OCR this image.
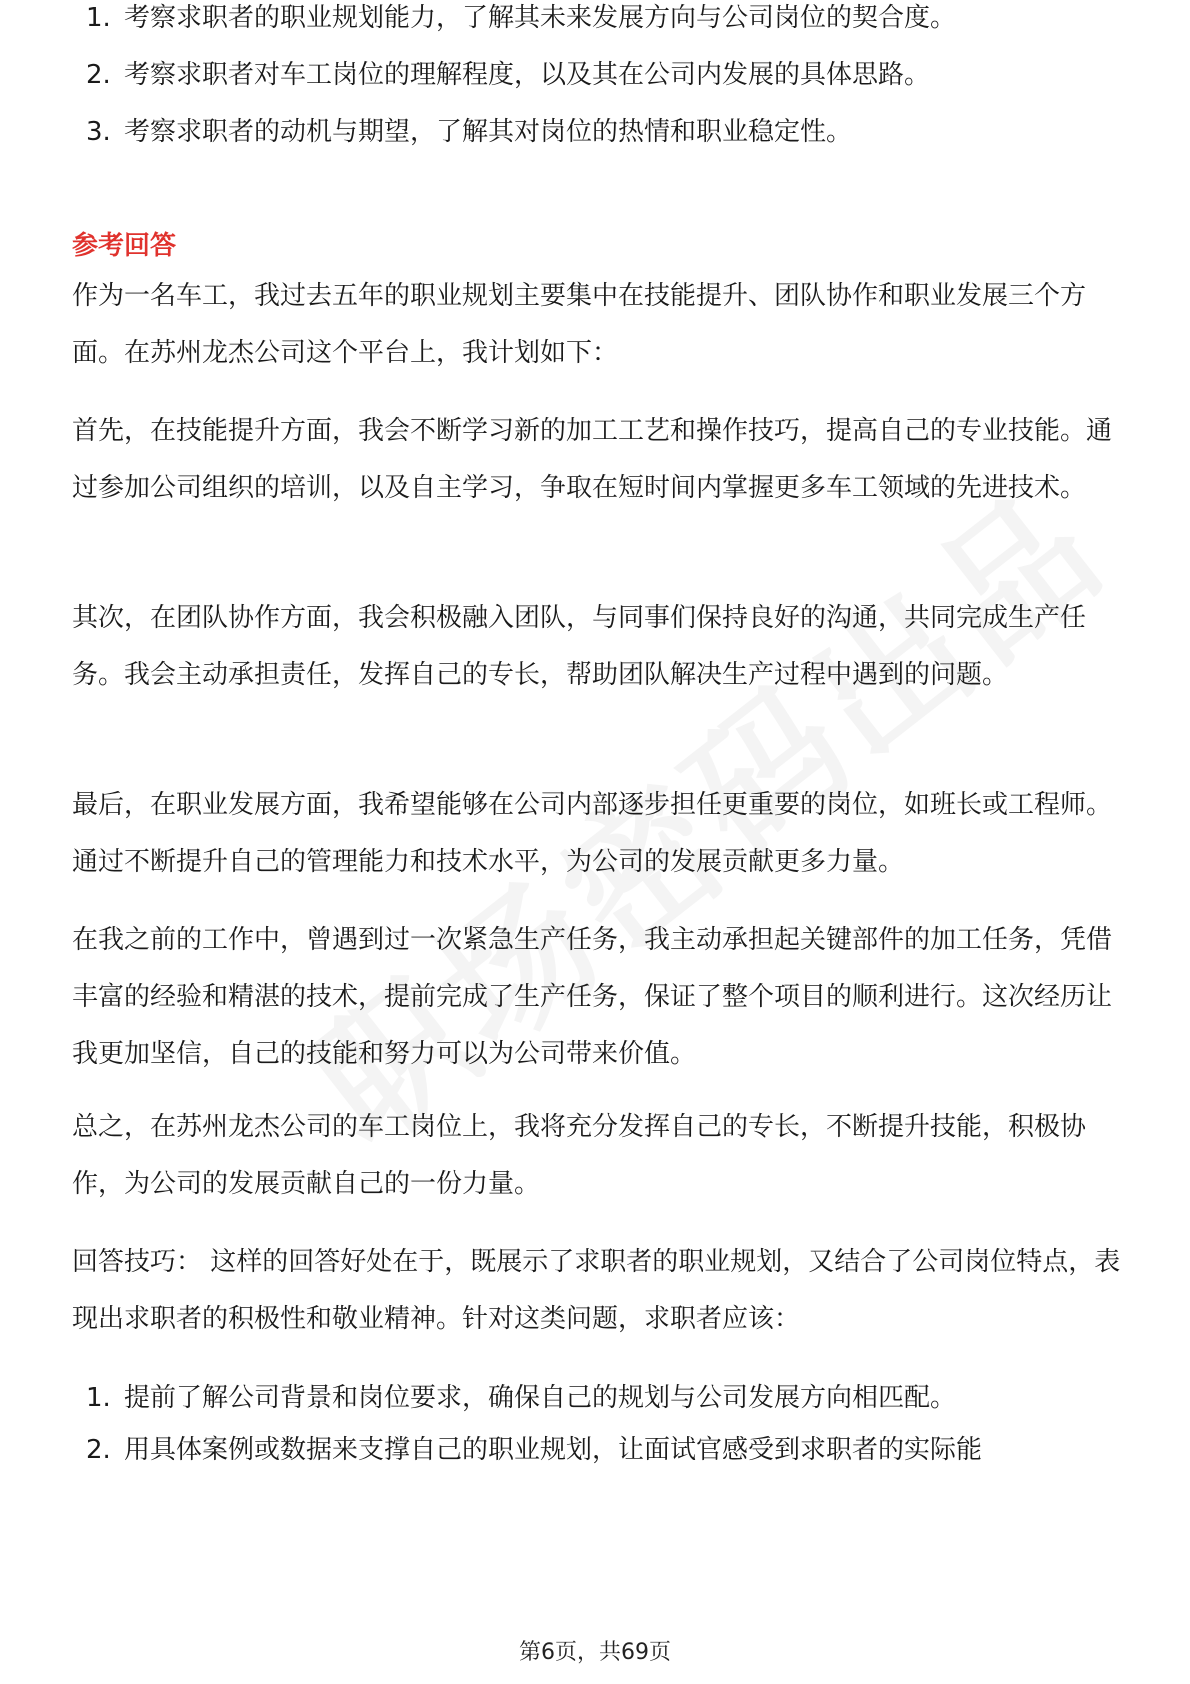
1. 考察求职者的职业规划能力，了解其未来发展方向与公司岗位的契合度。
2. 考察求职者对车工岗位的理解程度，以及其在公司内发展的具体思路。
3. 考察求职者的动机与期望，了解其对岗位的热情和职业稳定性。
参考回答

作为一名车工，我过去五年的职业规划主要集中在技能提升、团队协作和职业发展三个方面。在苏州龙杰公司这个平台上，我计划如下：

首先，在技能提升方面，我会不断学习新的加工工艺和操作技巧，提高自己的专业技能。通过参加公司组织的培训，以及自主学习，争取在短时间内掌握更多车工领域的先进技术。

其次，在团队协作方面，我会积极融入团队，与同事们保持良好的沟通，共同完成生产任务。我会主动承担责任，发挥自己的专长，帮助团队解决生产过程中遇到的问题。

最后，在职业发展方面，我希望能够在公司内部逐步担任更重要的岗位，如班长或工程师。通过不断提升自己的管理能力和技术水平，为公司的发展贡献更多力量。

在我之前的工作中，曾遇到过一次紧急生产任务，我主动承担起关键部件的加工任务，凭借丰富的经验和精湛的技术，提前完成了生产任务，保证了整个项目的顺利进行。这次经历让我更加坚信，自己的技能和努力可以为公司带来价值。

总之，在苏州龙杰公司的车工岗位上，我将充分发挥自己的专长，不断提升技能，积极协作，为公司的发展贡献自己的一份力量。

回答技巧： 这样的回答好处在于，既展示了求职者的职业规划，又结合了公司岗位特点，表现出求职者的积极性和敬业精神。针对这类问题，求职者应该：

1. 提前了解公司背景和岗位要求，确保自己的规划与公司发展方向相匹配。
2. 用具体案例或数据来支撑自己的职业规划，让面试官感受到求职者的实际能
第6页，共69页
